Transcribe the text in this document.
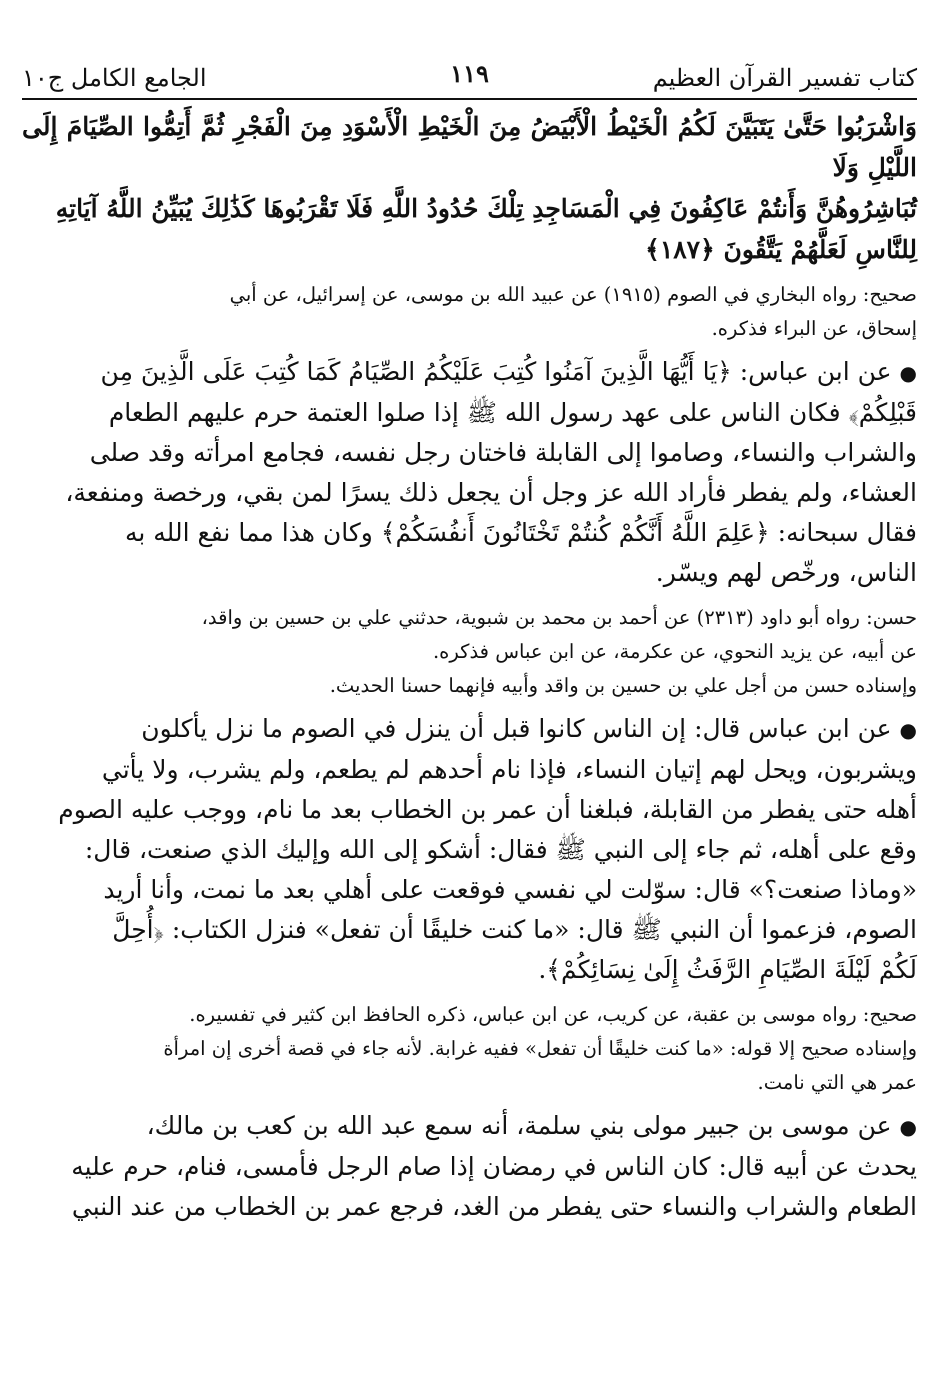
كتاب تفسير القرآن العظيم
١١٩
الجامع الكامل ج١٠

وَاشْرَبُوا حَتَّىٰ يَتَبَيَّنَ لَكُمُ الْخَيْطُ الْأَبْيَضُ مِنَ الْخَيْطِ الْأَسْوَدِ مِنَ الْفَجْرِ ثُمَّ أَتِمُّوا الصِّيَامَ إِلَى اللَّيْلِ وَلَا

تُبَاشِرُوهُنَّ وَأَنتُمْ عَاكِفُونَ فِي الْمَسَاجِدِ تِلْكَ حُدُودُ اللَّهِ فَلَا تَقْرَبُوهَا كَذَٰلِكَ يُبَيِّنُ اللَّهُ آيَاتِهِ

لِلنَّاسِ لَعَلَّهُمْ يَتَّقُونَ ﴿١٨٧﴾

صحيح: رواه البخاري في الصوم (١٩١٥) عن عبيد الله بن موسى، عن إسرائيل، عن أبي

إسحاق، عن البراء فذكره.

●عن ابن عباس: ﴿يَا أَيُّهَا الَّذِينَ آمَنُوا كُتِبَ عَلَيْكُمُ الصِّيَامُ كَمَا كُتِبَ عَلَى الَّذِينَ مِن

قَبْلِكُمْ﴾ فكان الناس على عهد رسول الله ﷺ إذا صلوا العتمة حرم عليهم الطعام

والشراب والنساء، وصاموا إلى القابلة فاختان رجل نفسه، فجامع امرأته وقد صلى

العشاء، ولم يفطر فأراد الله عز وجل أن يجعل ذلك يسرًا لمن بقي، ورخصة ومنفعة،

فقال سبحانه: ﴿عَلِمَ اللَّهُ أَنَّكُمْ كُنتُمْ تَخْتَانُونَ أَنفُسَكُمْ﴾ وكان هذا مما نفع الله به

الناس، ورخّص لهم ويسّر.

حسن: رواه أبو داود (٢٣١٣) عن أحمد بن محمد بن شبوية، حدثني علي بن حسين بن واقد،

عن أبيه، عن يزيد النحوي، عن عكرمة، عن ابن عباس فذكره.

وإسناده حسن من أجل علي بن حسين بن واقد وأبيه فإنهما حسنا الحديث.

●عن ابن عباس قال: إن الناس كانوا قبل أن ينزل في الصوم ما نزل يأكلون

ويشربون، ويحل لهم إتيان النساء، فإذا نام أحدهم لم يطعم، ولم يشرب، ولا يأتي

أهله حتى يفطر من القابلة، فبلغنا أن عمر بن الخطاب بعد ما نام، ووجب عليه الصوم

وقع على أهله، ثم جاء إلى النبي ﷺ فقال: أشكو إلى الله وإليك الذي صنعت، قال:

«وماذا صنعت؟» قال: سوّلت لي نفسي فوقعت على أهلي بعد ما نمت، وأنا أريد

الصوم، فزعموا أن النبي ﷺ قال: «ما كنت خليقًا أن تفعل» فنزل الكتاب: ﴿أُحِلَّ

لَكُمْ لَيْلَةَ الصِّيَامِ الرَّفَثُ إِلَىٰ نِسَائِكُمْ﴾.

صحيح: رواه موسى بن عقبة، عن كريب، عن ابن عباس، ذكره الحافظ ابن كثير في تفسيره.

وإسناده صحيح إلا قوله: «ما كنت خليقًا أن تفعل» ففيه غرابة. لأنه جاء في قصة أخرى إن امرأة

عمر هي التي نامت.

●عن موسى بن جبير مولى بني سلمة، أنه سمع عبد الله بن كعب بن مالك،

يحدث عن أبيه قال: كان الناس في رمضان إذا صام الرجل فأمسى، فنام، حرم عليه

الطعام والشراب والنساء حتى يفطر من الغد، فرجع عمر بن الخطاب من عند النبي
